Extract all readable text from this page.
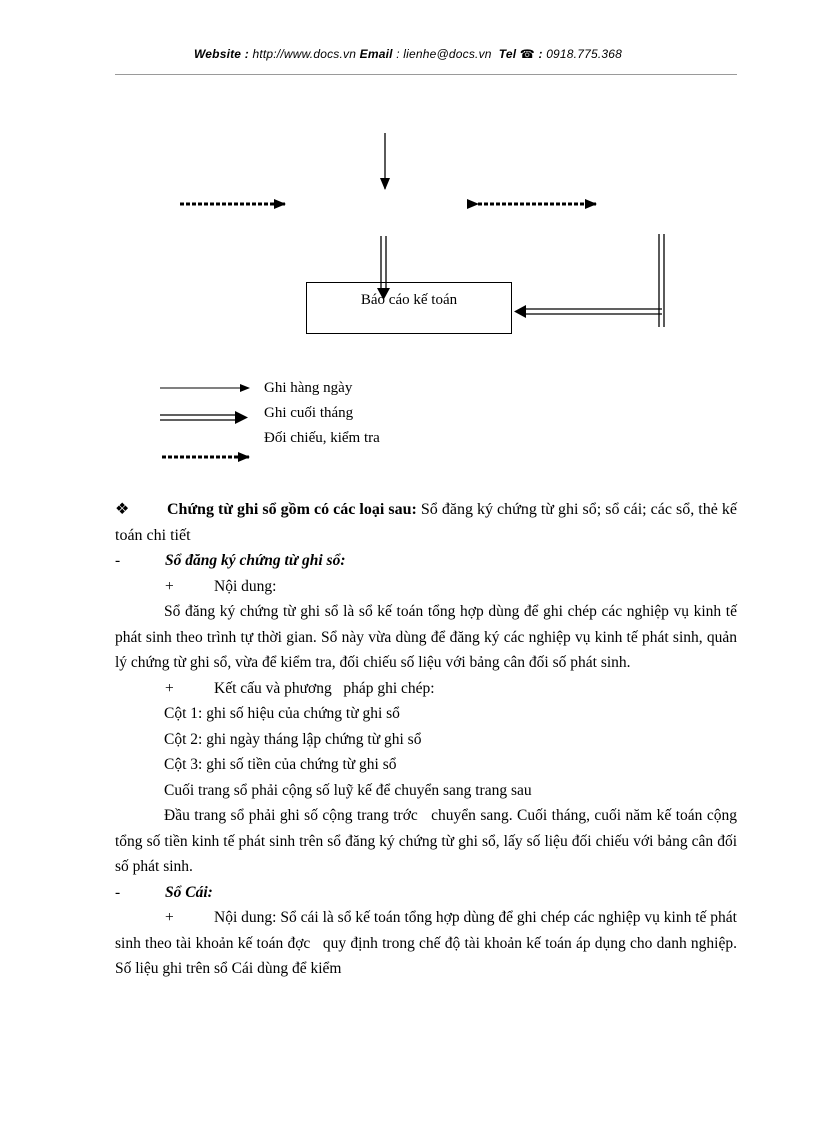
Website : http://www.docs.vn Email : lienhe@docs.vn Tel ☎ : 0918.775.368
Báo cáo kế toán
Ghi hàng ngày
Ghi cuối tháng
Đối chiếu, kiểm tra

❖ Chứng từ ghi sổ gồm có các loại sau: Sổ đăng ký chứng từ ghi sổ; sổ cái; các sổ, thẻ kế toán chi tiết

-	Sổ đăng ký chứng từ ghi sổ:
+	Nội dung:

Sổ đăng ký chứng từ ghi sổ là sổ kế toán tổng hợp dùng để ghi chép các nghiệp vụ kinh tế phát sinh theo trình tự thời gian. Sổ này vừa dùng để đăng ký các nghiệp vụ kinh tế phát sinh, quản lý chứng từ ghi sổ, vừa để kiểm tra, đối chiếu số liệu với bảng cân đối số phát sinh.

+	Kết cấu và phương   pháp ghi chép:
Cột 1: ghi số hiệu của chứng từ ghi sổ
Cột 2: ghi ngày tháng lập chứng từ ghi sổ
Cột 3: ghi số tiền của chứng từ ghi sổ
Cuối trang sổ phải cộng số luỹ kế để chuyển sang trang sau

Đầu trang sổ phải ghi số cộng trang trớc   chuyển sang. Cuối tháng, cuối năm kế toán cộng tổng số tiền kinh tế phát sinh trên sổ đăng ký chứng từ ghi sổ, lấy số liệu đối chiếu với bảng cân đối số phát sinh.

-	Sổ Cái:

+	Nội dung: Sổ cái là sổ kế toán tổng hợp dùng để ghi chép các nghiệp vụ kinh tế phát sinh theo tài khoản kế toán đợc   quy định trong chế độ tài khoản kế toán áp dụng cho danh nghiệp. Số liệu ghi trên sổ Cái dùng để kiểm
